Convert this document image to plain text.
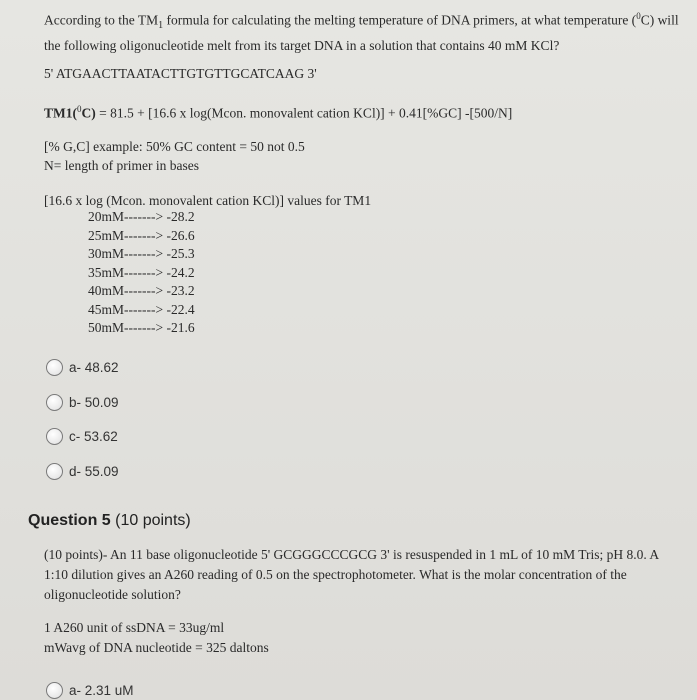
According to the $TM_1$ formula for calculating the melting temperature of DNA primers, at what temperature ($^0$C) will the following oligonucleotide melt from its target DNA in a solution that contains 40 mM KCl?
5' ATGAACTTAATACTTGTGTTGCATCAAG 3'
TM1($^0$C) = 81.5 + [16.6 x log(Mcon. monovalent cation KCl)] + 0.41[%GC] -[500/N]
[% G,C] example: 50% GC content = 50 not 0.5
N= length of primer in bases
[16.6 x log (Mcon. monovalent cation KCl)] values for TM1
20mM-------> -28.2
25mM-------> -26.6
30mM-------> -25.3
35mM-------> -24.2
40mM-------> -23.2
45mM-------> -22.4
50mM-------> -21.6
a- 48.62
b- 50.09
c- 53.62
d- 55.09
Question 5 (10 points)
(10 points)- An 11 base oligonucleotide 5' GCGGGCCCGCG 3' is resuspended in 1 mL of 10 mM Tris; pH 8.0. A 1:10 dilution gives an A260 reading of 0.5 on the spectrophotometer. What is the molar concentration of the oligonucleotide solution?
1 A260 unit of ssDNA = 33ug/ml
mWavg of DNA nucleotide = 325 daltons
a- 2.31 uM
